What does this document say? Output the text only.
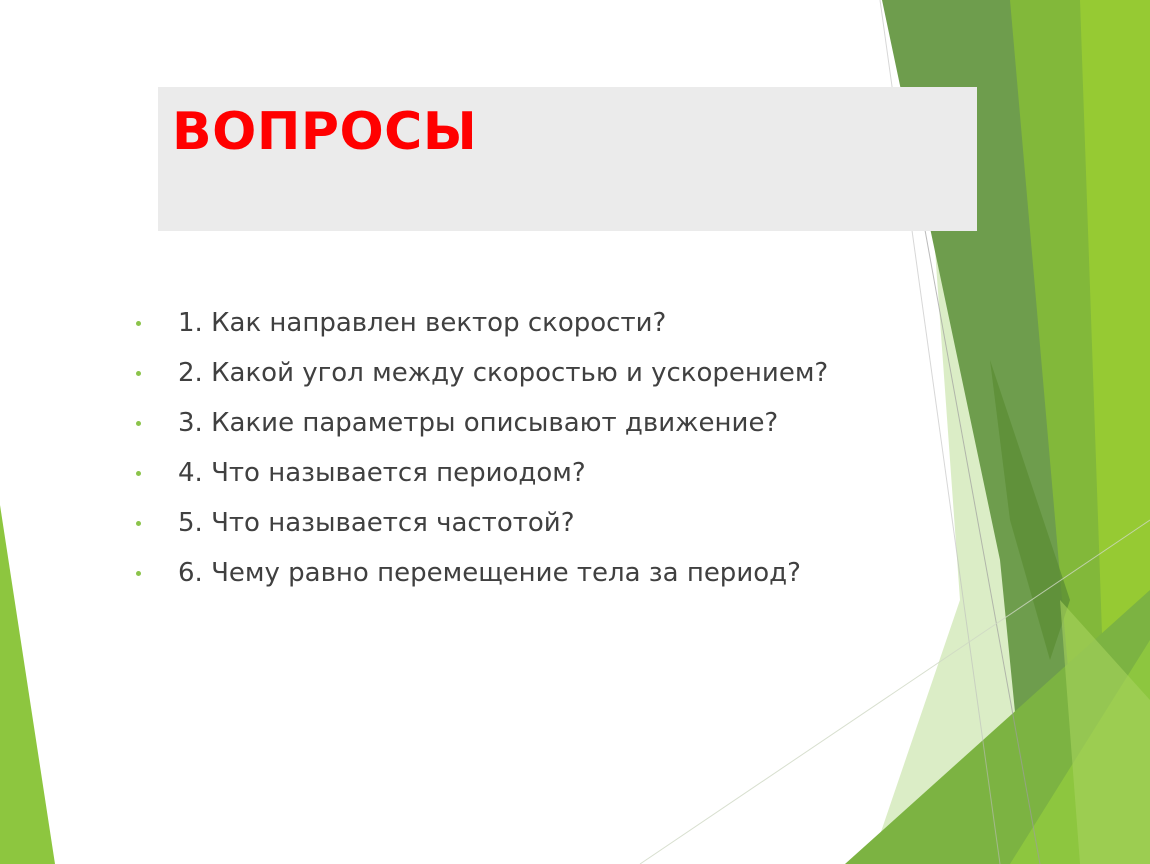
ВОПРОСЫ
1. Как направлен вектор скорости?
2. Какой угол между скоростью и ускорением?
3. Какие параметры описывают движение?
4. Что называется периодом?
5. Что называется частотой?
6. Чему равно перемещение тела за период?
